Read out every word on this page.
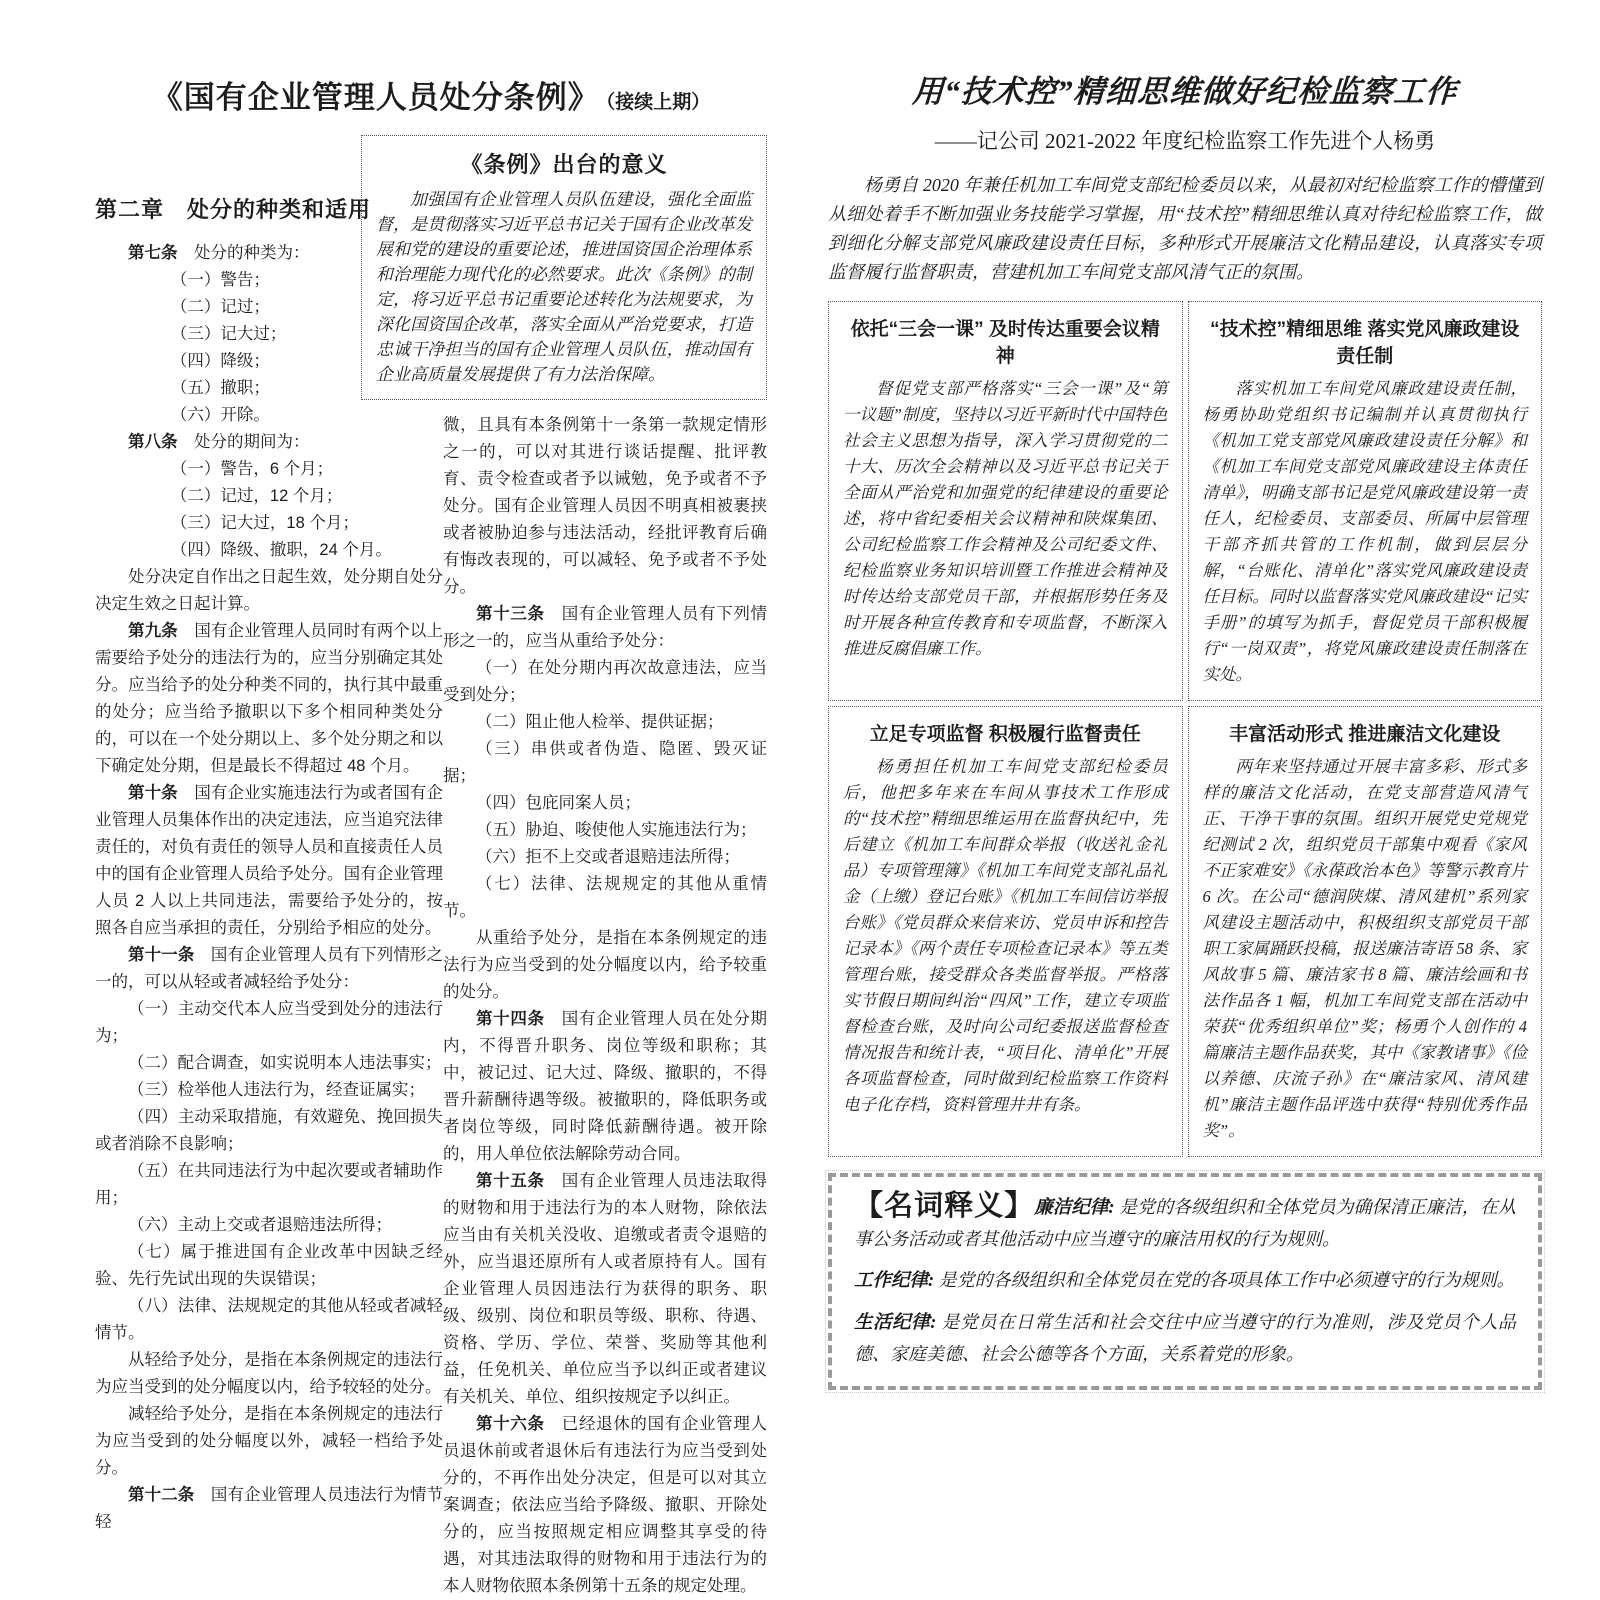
《国有企业管理人员处分条例》 （接续上期）
第二章　处分的种类和适用

第七条　处分的种类为：

（一）警告；

（二）记过；

（三）记大过；

（四）降级；

（五）撤职；

（六）开除。

第八条　处分的期间为：

（一）警告，6 个月；

（二）记过，12 个月；

（三）记大过，18 个月；

（四）降级、撤职，24 个月。

处分决定自作出之日起生效，处分期自处分决定生效之日起计算。

第九条　国有企业管理人员同时有两个以上需要给予处分的违法行为的，应当分别确定其处分。应当给予的处分种类不同的，执行其中最重的处分；应当给予撤职以下多个相同种类处分的，可以在一个处分期以上、多个处分期之和以下确定处分期，但是最长不得超过 48 个月。

第十条　国有企业实施违法行为或者国有企业管理人员集体作出的决定违法，应当追究法律责任的，对负有责任的领导人员和直接责任人员中的国有企业管理人员给予处分。国有企业管理人员 2 人以上共同违法，需要给予处分的，按照各自应当承担的责任，分别给予相应的处分。

第十一条　国有企业管理人员有下列情形之一的，可以从轻或者减轻给予处分：

（一）主动交代本人应当受到处分的违法行为；

（二）配合调查，如实说明本人违法事实；

（三）检举他人违法行为，经查证属实；

（四）主动采取措施，有效避免、挽回损失或者消除不良影响；

（五）在共同违法行为中起次要或者辅助作用；

（六）主动上交或者退赔违法所得；

（七）属于推进国有企业改革中因缺乏经验、先行先试出现的失误错误；

（八）法律、法规规定的其他从轻或者减轻情节。

从轻给予处分，是指在本条例规定的违法行为应当受到的处分幅度以内，给予较轻的处分。

减轻给予处分，是指在本条例规定的违法行为应当受到的处分幅度以外，减轻一档给予处分。

第十二条　国有企业管理人员违法行为情节轻

《条例》出台的意义

加强国有企业管理人员队伍建设，强化全面监督，是贯彻落实习近平总书记关于国有企业改革发展和党的建设的重要论述，推进国资国企治理体系和治理能力现代化的必然要求。此次《条例》的制定，将习近平总书记重要论述转化为法规要求，为深化国资国企改革，落实全面从严治党要求，打造忠诚干净担当的国有企业管理人员队伍，推动国有企业高质量发展提供了有力法治保障。

微，且具有本条例第十一条第一款规定情形之一的，可以对其进行谈话提醒、批评教育、责令检查或者予以诫勉，免予或者不予处分。国有企业管理人员因不明真相被裹挟或者被胁迫参与违法活动，经批评教育后确有悔改表现的，可以减轻、免予或者不予处分。

第十三条　国有企业管理人员有下列情形之一的，应当从重给予处分：

（一）在处分期内再次故意违法，应当受到处分；

（二）阻止他人检举、提供证据；

（三）串供或者伪造、隐匿、毁灭证据；

（四）包庇同案人员；

（五）胁迫、唆使他人实施违法行为；

（六）拒不上交或者退赔违法所得；

（七）法律、法规规定的其他从重情节。

从重给予处分，是指在本条例规定的违法行为应当受到的处分幅度以内，给予较重的处分。

第十四条　国有企业管理人员在处分期内，不得晋升职务、岗位等级和职称；其中，被记过、记大过、降级、撤职的，不得晋升薪酬待遇等级。被撤职的，降低职务或者岗位等级，同时降低薪酬待遇。被开除的，用人单位依法解除劳动合同。

第十五条　国有企业管理人员违法取得的财物和用于违法行为的本人财物，除依法应当由有关机关没收、追缴或者责令退赔的外，应当退还原所有人或者原持有人。国有企业管理人员因违法行为获得的职务、职级、级别、岗位和职员等级、职称、待遇、资格、学历、学位、荣誉、奖励等其他利益，任免机关、单位应当予以纠正或者建议有关机关、单位、组织按规定予以纠正。

第十六条　已经退休的国有企业管理人员退休前或者退休后有违法行为应当受到处分的，不再作出处分决定，但是可以对其立案调查；依法应当给予降级、撤职、开除处分的，应当按照规定相应调整其享受的待遇，对其违法取得的财物和用于违法行为的本人财物依照本条例第十五条的规定处理。

用“技术控”精细思维做好纪检监察工作
——记公司 2021-2022 年度纪检监察工作先进个人杨勇

杨勇自 2020 年兼任机加工车间党支部纪检委员以来，从最初对纪检监察工作的懵懂到从细处着手不断加强业务技能学习掌握，用“技术控”精细思维认真对待纪检监察工作，做到细化分解支部党风廉政建设责任目标，多种形式开展廉洁文化精品建设，认真落实专项监督履行监督职责，营建机加工车间党支部风清气正的氛围。

依托“三会一课” 及时传达重要会议精神

督促党支部严格落实“三会一课”及“第一议题”制度，坚持以习近平新时代中国特色社会主义思想为指导，深入学习贯彻党的二十大、历次全会精神以及习近平总书记关于全面从严治党和加强党的纪律建设的重要论述，将中省纪委相关会议精神和陕煤集团、公司纪检监察工作会精神及公司纪委文件、纪检监察业务知识培训暨工作推进会精神及时传达给支部党员干部，并根据形势任务及时开展各种宣传教育和专项监督，不断深入推进反腐倡廉工作。

“技术控”精细思维 落实党风廉政建设责任制

落实机加工车间党风廉政建设责任制，杨勇协助党组织书记编制并认真贯彻执行《机加工党支部党风廉政建设责任分解》和《机加工车间党支部党风廉政建设主体责任清单》，明确支部书记是党风廉政建设第一责任人，纪检委员、支部委员、所属中层管理干部齐抓共管的工作机制，做到层层分解，“台账化、清单化”落实党风廉政建设责任目标。同时以监督落实党风廉政建设“记实手册”的填写为抓手，督促党员干部积极履行“一岗双责”，将党风廉政建设责任制落在实处。

立足专项监督 积极履行监督责任

杨勇担任机加工车间党支部纪检委员后，他把多年来在车间从事技术工作形成的“技术控”精细思维运用在监督执纪中，先后建立《机加工车间群众举报（收送礼金礼品）专项管理簿》《机加工车间党支部礼品礼金（上缴）登记台账》《机加工车间信访举报台账》《党员群众来信来访、党员申诉和控告记录本》《两个责任专项检查记录本》等五类管理台账，接受群众各类监督举报。严格落实节假日期间纠治“四风”工作，建立专项监督检查台账，及时向公司纪委报送监督检查情况报告和统计表，“项目化、清单化”开展各项监督检查，同时做到纪检监察工作资料电子化存档，资料管理井井有条。

丰富活动形式 推进廉洁文化建设

两年来坚持通过开展丰富多彩、形式多样的廉洁文化活动，在党支部营造风清气正、干净干事的氛围。组织开展党史党规党纪测试 2 次，组织党员干部集中观看《家风不正家难安》《永葆政治本色》等警示教育片 6 次。在公司“德润陕煤、清风建机”系列家风建设主题活动中，积极组织支部党员干部职工家属踊跃投稿，报送廉洁寄语 58 条、家风故事 5 篇、廉洁家书 8 篇、廉洁绘画和书法作品各 1 幅，机加工车间党支部在活动中荣获“优秀组织单位”奖；杨勇个人创作的 4 篇廉洁主题作品获奖，其中《家教诸事》《俭以养德、庆流子孙》在“廉洁家风、清风建机”廉洁主题作品评选中获得“特别优秀作品奖”。

【名词释义】廉洁纪律: 是党的各级组织和全体党员为确保清正廉洁，在从事公务活动或者其他活动中应当遵守的廉洁用权的行为规则。

工作纪律: 是党的各级组织和全体党员在党的各项具体工作中必须遵守的行为规则。

生活纪律: 是党员在日常生活和社会交往中应当遵守的行为准则，涉及党员个人品德、家庭美德、社会公德等各个方面，关系着党的形象。
